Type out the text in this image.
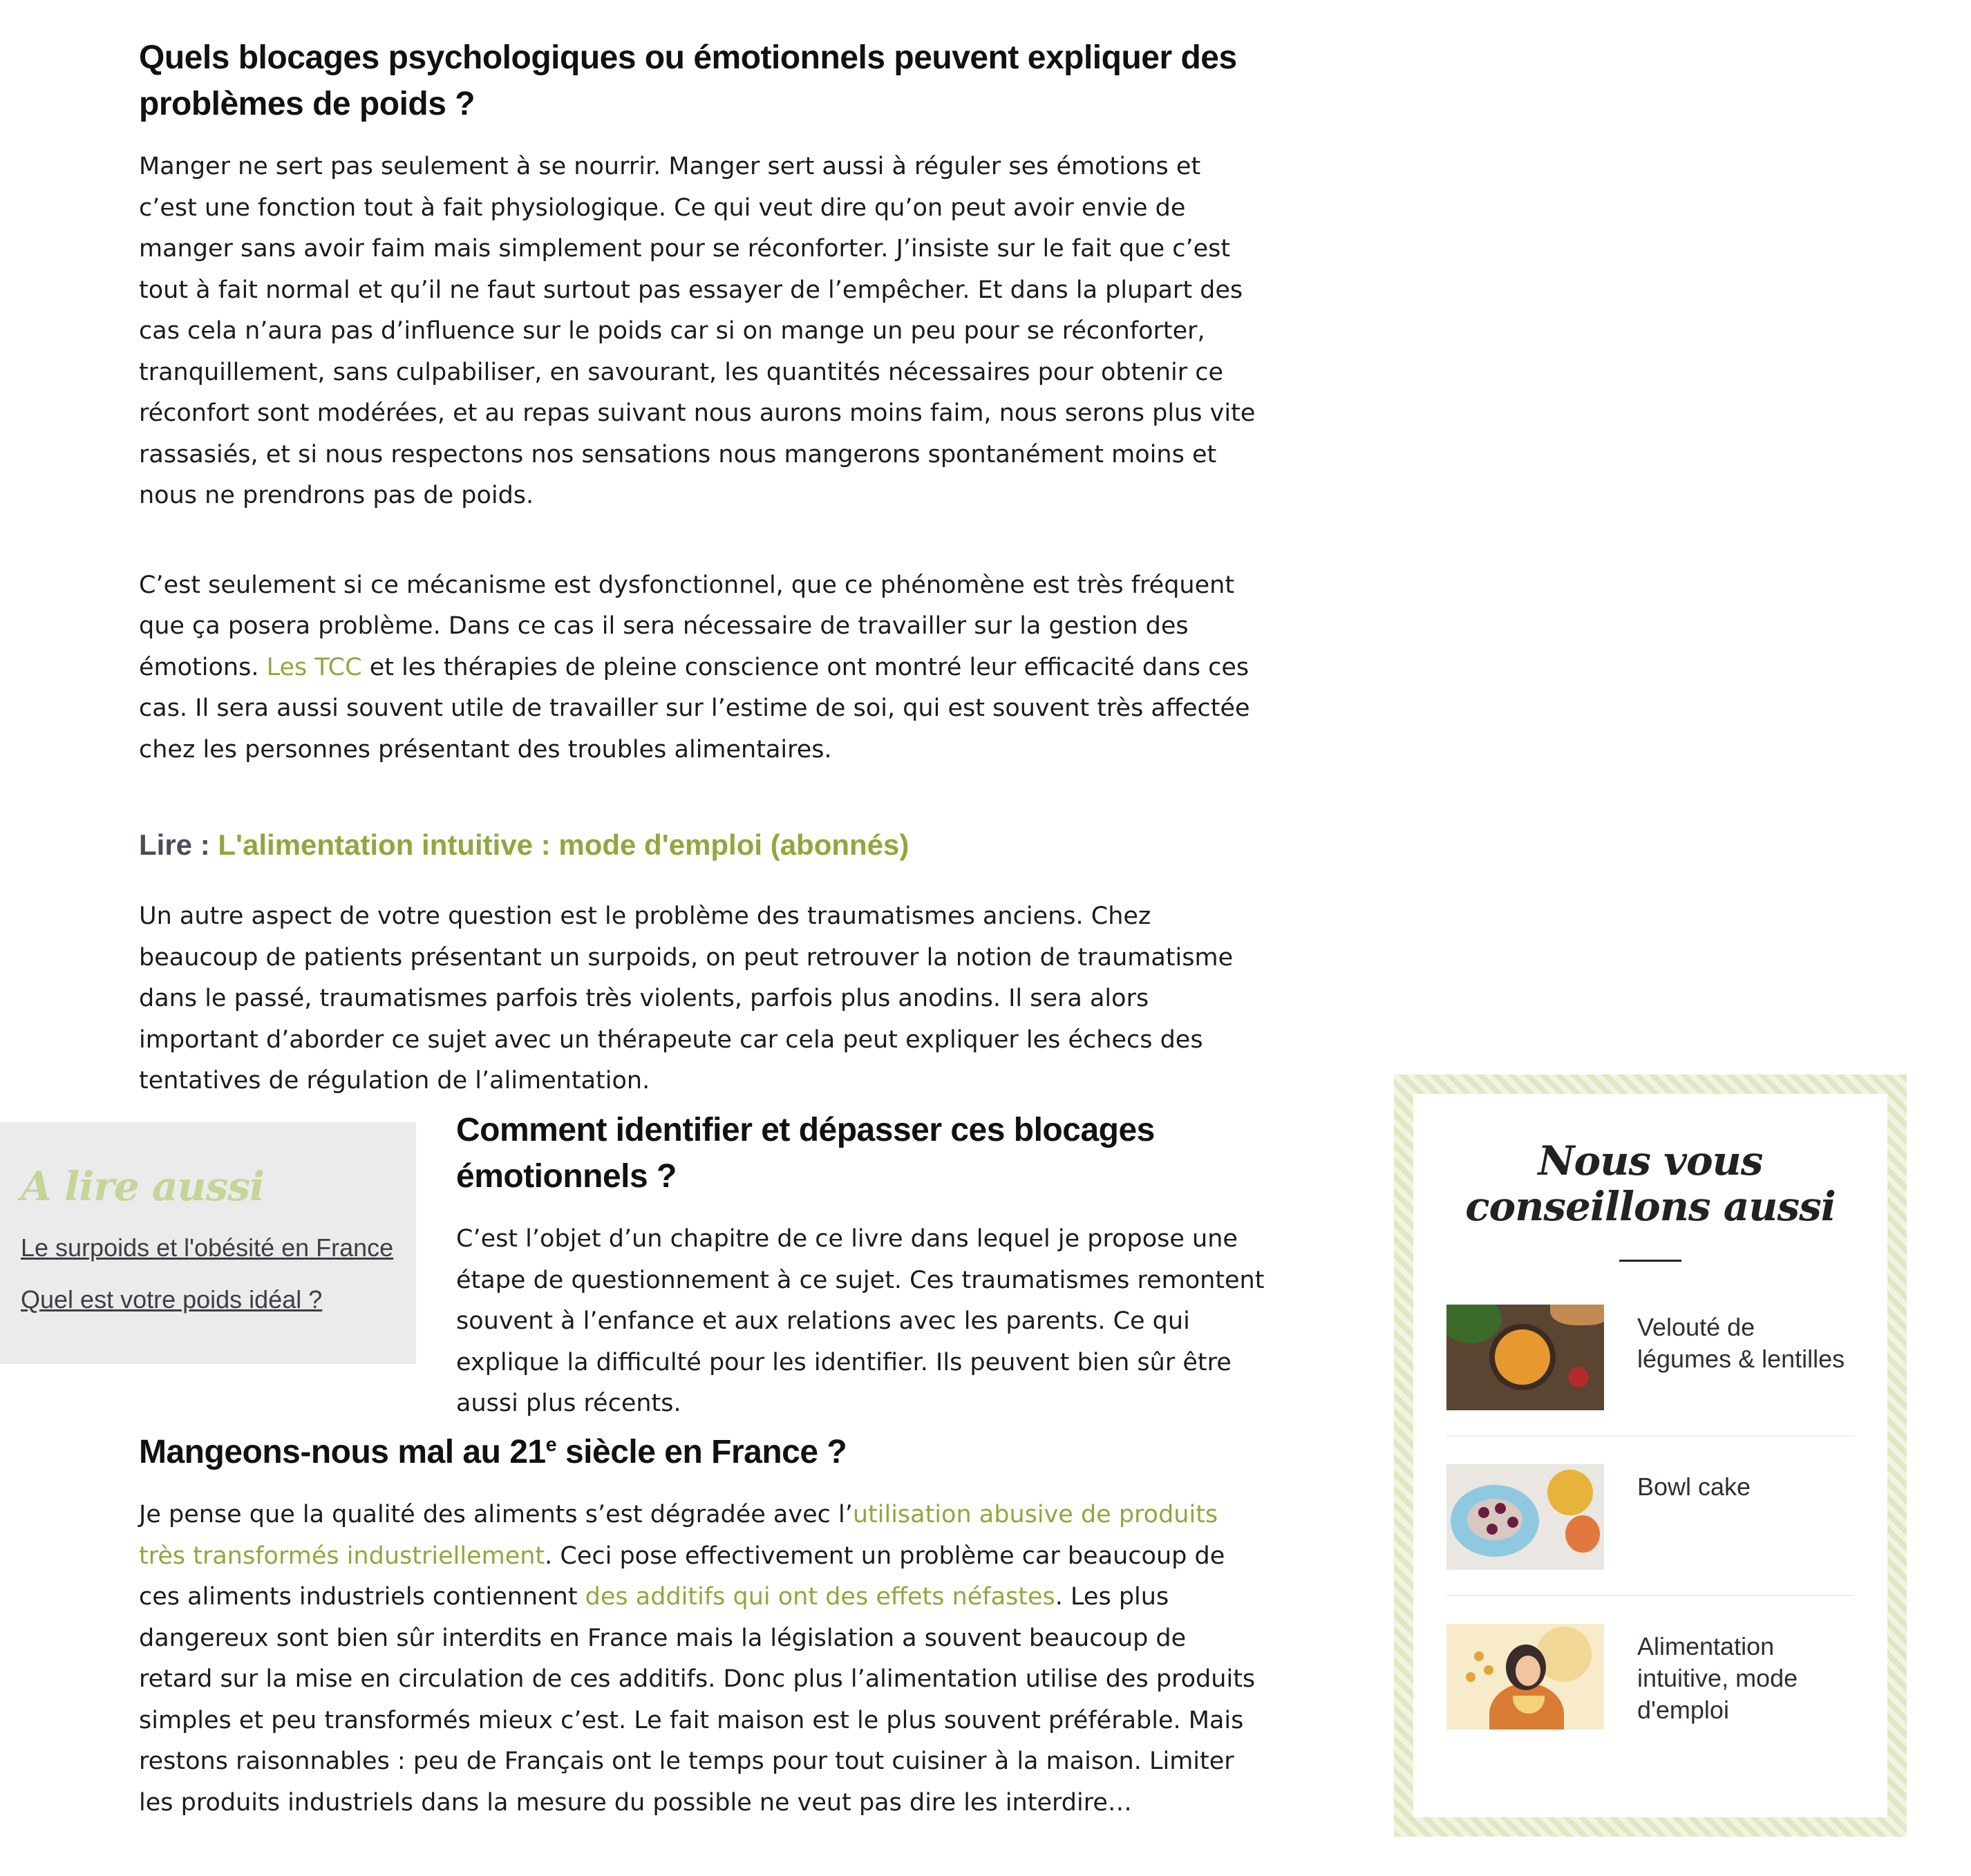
Quels blocages psychologiques ou émotionnels peuvent expliquer des problèmes de poids ?

Manger ne sert pas seulement à se nourrir. Manger sert aussi à réguler ses émotions et c’est une fonction tout à fait physiologique. Ce qui veut dire qu’on peut avoir envie de manger sans avoir faim mais simplement pour se réconforter. J’insiste sur le fait que c’est tout à fait normal et qu’il ne faut surtout pas essayer de l’empêcher. Et dans la plupart des cas cela n’aura pas d’influence sur le poids car si on mange un peu pour se réconforter, tranquillement, sans culpabiliser, en savourant, les quantités nécessaires pour obtenir ce réconfort sont modérées, et au repas suivant nous aurons moins faim, nous serons plus vite rassasiés, et si nous respectons nos sensations nous mangerons spontanément moins et nous ne prendrons pas de poids.

C’est seulement si ce mécanisme est dysfonctionnel, que ce phénomène est très fréquent que ça posera problème. Dans ce cas il sera nécessaire de travailler sur la gestion des émotions. Les TCC et les thérapies de pleine conscience ont montré leur efficacité dans ces cas. Il sera aussi souvent utile de travailler sur l’estime de soi, qui est souvent très affectée chez les personnes présentant des troubles alimentaires.

Lire : L'alimentation intuitive : mode d'emploi (abonnés)

Un autre aspect de votre question est le problème des traumatismes anciens. Chez beaucoup de patients présentant un surpoids, on peut retrouver la notion de traumatisme dans le passé, traumatismes parfois très violents, parfois plus anodins. Il sera alors important d’aborder ce sujet avec un thérapeute car cela peut expliquer les échecs des tentatives de régulation de l’alimentation.

A lire aussi
Le surpoids et l'obésité en France
Quel est votre poids idéal ?
Comment identifier et dépasser ces blocages émotionnels ?

C’est l’objet d’un chapitre de ce livre dans lequel je propose une étape de questionnement à ce sujet. Ces traumatismes remontent souvent à l’enfance et aux relations avec les parents. Ce qui explique la difficulté pour les identifier. Ils peuvent bien sûr être aussi plus récents.

Mangeons-nous mal au 21e siècle en France ?

Je pense que la qualité des aliments s’est dégradée avec l’utilisation abusive de produits très transformés industriellement. Ceci pose effectivement un problème car beaucoup de ces aliments industriels contiennent des additifs qui ont des effets néfastes. Les plus dangereux sont bien sûr interdits en France mais la législation a souvent beaucoup de retard sur la mise en circulation de ces additifs. Donc plus l’alimentation utilise des produits simples et peu transformés mieux c’est. Le fait maison est le plus souvent préférable. Mais restons raisonnables : peu de Français ont le temps pour tout cuisiner à la maison. Limiter les produits industriels dans la mesure du possible ne veut pas dire les interdire…

Nous vous conseillons aussi
Velouté de légumes & lentilles
Bowl cake
Alimentation intuitive, mode d'emploi
